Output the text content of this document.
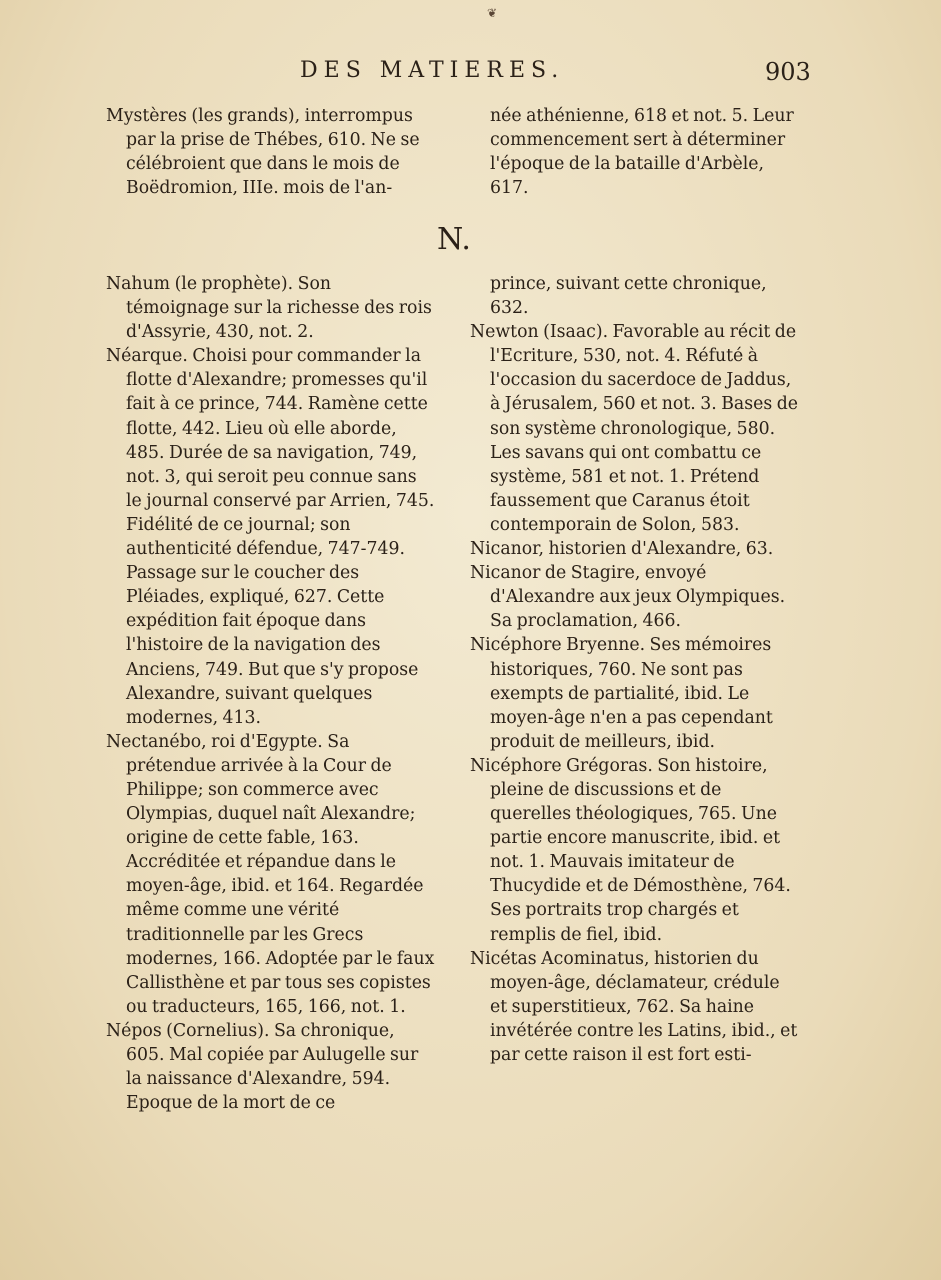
❦
DES MATIERES.	903

Mystères (les grands), interrompus par la prise de Thébes, 610. Ne se célébroient que dans le mois de Boëdromion, IIIe. mois de l'an-

née athénienne, 618 et not. 5. Leur commencement sert à déterminer l'époque de la bataille d'Arbèle, 617.

N.

Nahum (le prophète). Son témoignage sur la richesse des rois d'Assyrie, 430, not. 2.

Néarque. Choisi pour commander la flotte d'Alexandre; promesses qu'il fait à ce prince, 744. Ramène cette flotte, 442. Lieu où elle aborde, 485. Durée de sa navigation, 749, not. 3, qui seroit peu connue sans le journal conservé par Arrien, 745. Fidélité de ce journal; son authenticité défendue, 747-749. Passage sur le coucher des Pléiades, expliqué, 627. Cette expédition fait époque dans l'histoire de la navigation des Anciens, 749. But que s'y propose Alexandre, suivant quelques modernes, 413.

Nectanébo, roi d'Egypte. Sa prétendue arrivée à la Cour de Philippe; son commerce avec Olympias, duquel naît Alexandre; origine de cette fable, 163. Accréditée et répandue dans le moyen-âge, ibid. et 164. Regardée même comme une vérité traditionnelle par les Grecs modernes, 166. Adoptée par le faux Callisthène et par tous ses copistes ou traducteurs, 165, 166, not. 1.

Népos (Cornelius). Sa chronique, 605. Mal copiée par Aulugelle sur la naissance d'Alexandre, 594. Epoque de la mort de ce

prince, suivant cette chronique, 632.

Newton (Isaac). Favorable au récit de l'Ecriture, 530, not. 4. Réfuté à l'occasion du sacerdoce de Jaddus, à Jérusalem, 560 et not. 3. Bases de son système chronologique, 580. Les savans qui ont combattu ce système, 581 et not. 1. Prétend faussement que Caranus étoit contemporain de Solon, 583.

Nicanor, historien d'Alexandre, 63.

Nicanor de Stagire, envoyé d'Alexandre aux jeux Olympiques. Sa proclamation, 466.

Nicéphore Bryenne. Ses mémoires historiques, 760. Ne sont pas exempts de partialité, ibid. Le moyen-âge n'en a pas cependant produit de meilleurs, ibid.

Nicéphore Grégoras. Son histoire, pleine de discussions et de querelles théologiques, 765. Une partie encore manuscrite, ibid. et not. 1. Mauvais imitateur de Thucydide et de Démosthène, 764. Ses portraits trop chargés et remplis de fiel, ibid.

Nicétas Acominatus, historien du moyen-âge, déclamateur, crédule et superstitieux, 762. Sa haine invétérée contre les Latins, ibid., et par cette raison il est fort esti-
